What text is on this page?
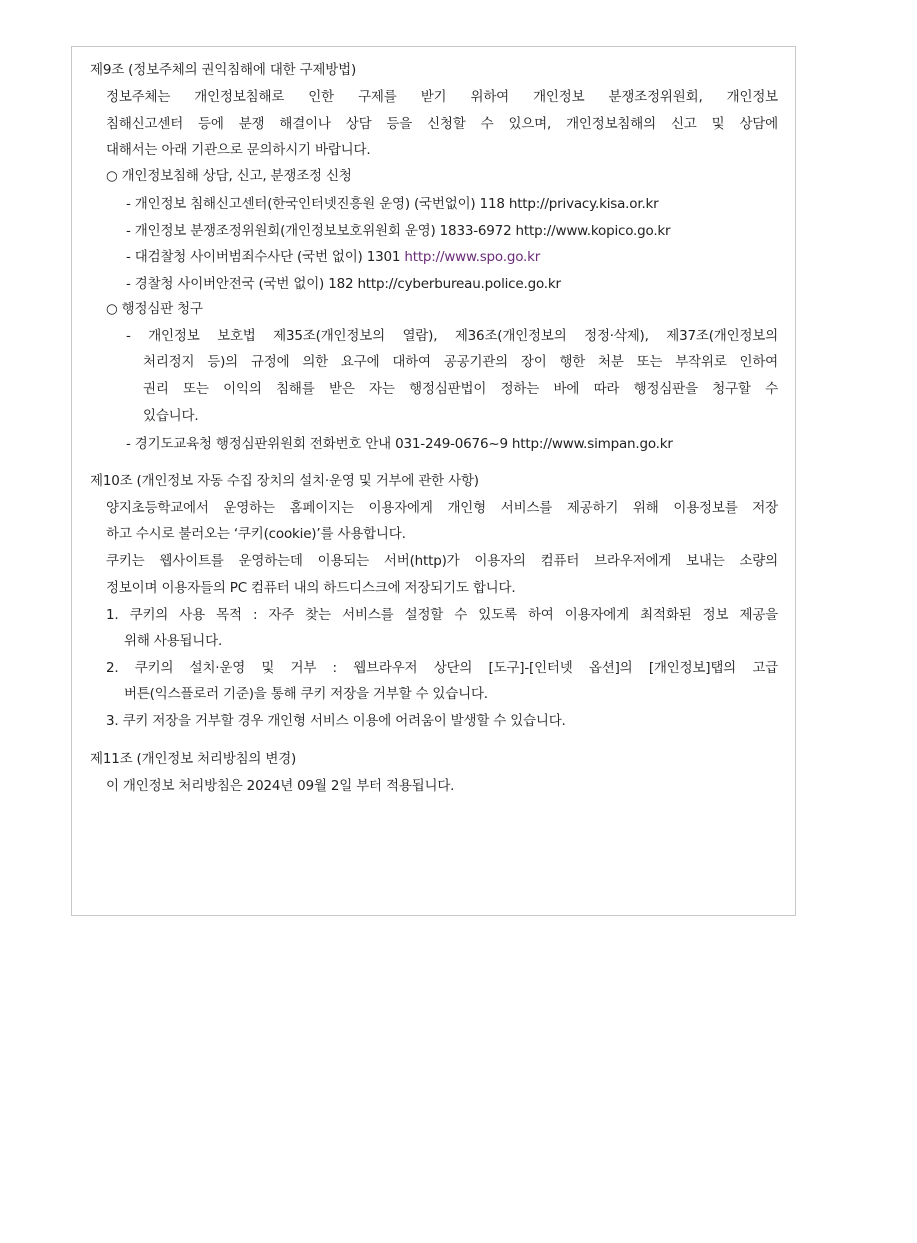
제9조 (정보주체의 권익침해에 대한 구제방법)
정보주체는 개인정보침해로 인한 구제를 받기 위하여 개인정보 분쟁조정위원회, 개인정보
침해신고센터 등에 분쟁 해결이나 상담 등을 신청할 수 있으며, 개인정보침해의 신고 및 상담에
대해서는 아래 기관으로 문의하시기 바랍니다.
○ 개인정보침해 상담, 신고, 분쟁조정 신청
- 개인정보 침해신고센터(한국인터넷진흥원 운영) (국번없이) 118 http://privacy.kisa.or.kr
- 개인정보 분쟁조정위원회(개인정보보호위원회 운영) 1833-6972 http://www.kopico.go.kr
- 대검찰청 사이버범죄수사단 (국번 없이) 1301 http://www.spo.go.kr
- 경찰청 사이버안전국 (국번 없이) 182 http://cyberbureau.police.go.kr
○ 행정심판 청구
- 개인정보 보호법 제35조(개인정보의 열람), 제36조(개인정보의 정정·삭제), 제37조(개인정보의
처리정지 등)의 규정에 의한 요구에 대하여 공공기관의 장이 행한 처분 또는 부작위로 인하여
권리 또는 이익의 침해를 받은 자는 행정심판법이 정하는 바에 따라 행정심판을 청구할 수
있습니다.
- 경기도교육청 행정심판위원회 전화번호 안내 031-249-0676~9 http://www.simpan.go.kr
제10조 (개인정보 자동 수집 장치의 설치·운영 및 거부에 관한 사항)
양지초등학교에서 운영하는 홈페이지는 이용자에게 개인형 서비스를 제공하기 위해 이용정보를 저장
하고 수시로 불러오는 ‘쿠키(cookie)’를 사용합니다.
쿠키는 웹사이트를 운영하는데 이용되는 서버(http)가 이용자의 컴퓨터 브라우저에게 보내는 소량의
정보이며 이용자들의 PC 컴퓨터 내의 하드디스크에 저장되기도 합니다.
1. 쿠키의 사용 목적 : 자주 찾는 서비스를 설정할 수 있도록 하여 이용자에게 최적화된 정보 제공을
위해 사용됩니다.
2. 쿠키의 설치·운영 및 거부 : 웹브라우저 상단의 [도구]-[인터넷 옵션]의 [개인정보]탭의 고급
버튼(익스플로러 기준)을 통해 쿠키 저장을 거부할 수 있습니다.
3. 쿠키 저장을 거부할 경우 개인형 서비스 이용에 어려움이 발생할 수 있습니다.
제11조 (개인정보 처리방침의 변경)
이 개인정보 처리방침은 2024년 09월 2일 부터 적용됩니다.
